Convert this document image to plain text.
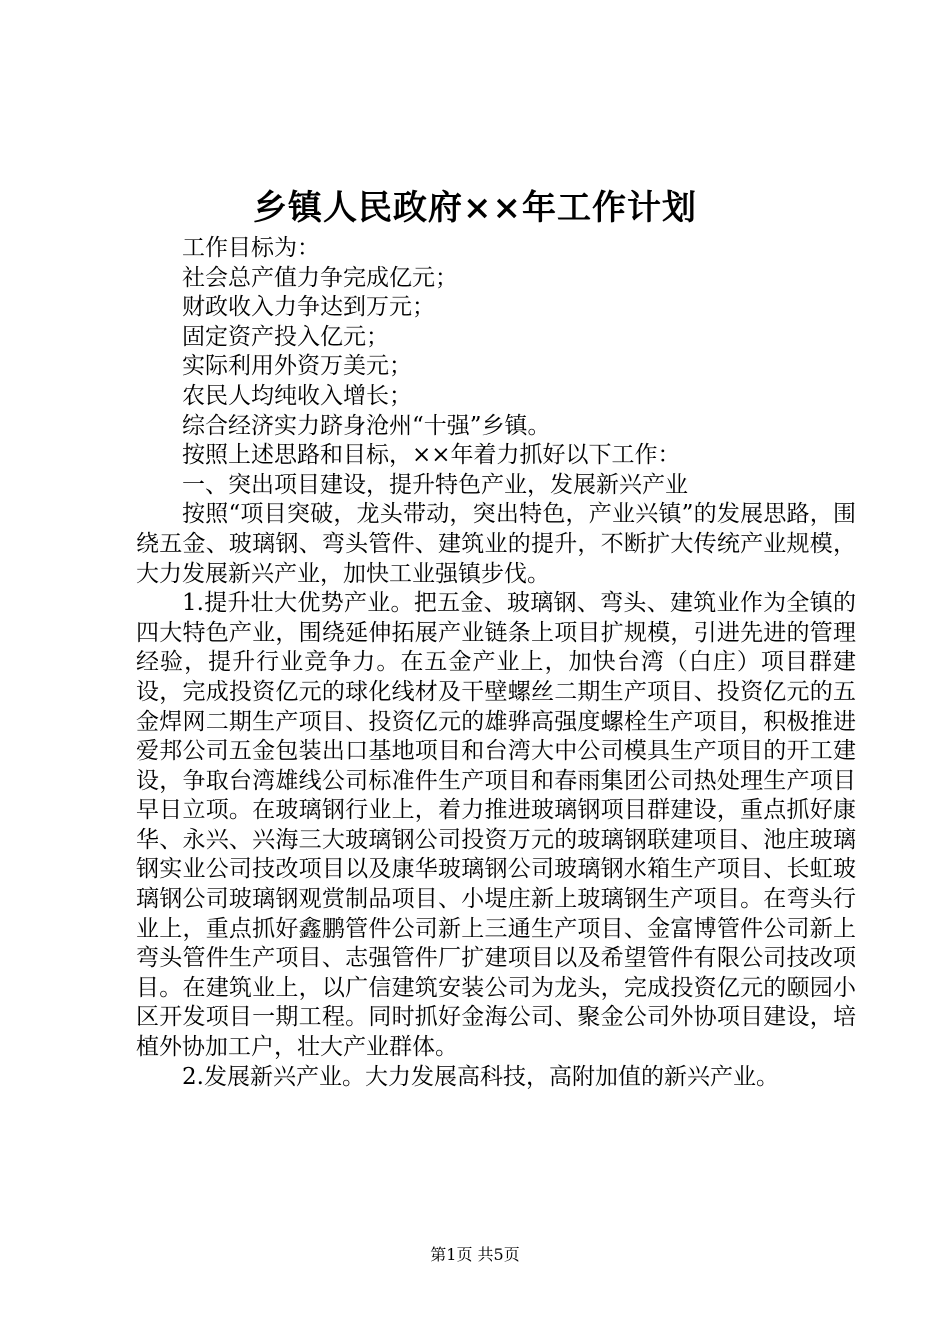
乡镇人民政府××年工作计划

工作目标为：

社会总产值力争完成亿元；

财政收入力争达到万元；

固定资产投入亿元；

实际利用外资万美元；

农民人均纯收入增长；

综合经济实力跻身沧州“十强”乡镇。

按照上述思路和目标，××年着力抓好以下工作：

一、突出项目建设，提升特色产业，发展新兴产业

按照“项目突破，龙头带动，突出特色，产业兴镇”的发展思路，围绕五金、玻璃钢、弯头管件、建筑业的提升，不断扩大传统产业规模，大力发展新兴产业，加快工业强镇步伐。

1.提升壮大优势产业。把五金、玻璃钢、弯头、建筑业作为全镇的四大特色产业，围绕延伸拓展产业链条上项目扩规模，引进先进的管理经验，提升行业竞争力。在五金产业上，加快台湾（白庄）项目群建设，完成投资亿元的球化线材及干壁螺丝二期生产项目、投资亿元的五金焊网二期生产项目、投资亿元的雄骅高强度螺栓生产项目，积极推进爱邦公司五金包装出口基地项目和台湾大中公司模具生产项目的开工建设，争取台湾雄线公司标准件生产项目和春雨集团公司热处理生产项目早日立项。在玻璃钢行业上，着力推进玻璃钢项目群建设，重点抓好康华、永兴、兴海三大玻璃钢公司投资万元的玻璃钢联建项目、池庄玻璃钢实业公司技改项目以及康华玻璃钢公司玻璃钢水箱生产项目、长虹玻璃钢公司玻璃钢观赏制品项目、小堤庄新上玻璃钢生产项目。在弯头行业上，重点抓好鑫鹏管件公司新上三通生产项目、金富博管件公司新上弯头管件生产项目、志强管件厂扩建项目以及希望管件有限公司技改项目。在建筑业上，以广信建筑安装公司为龙头，完成投资亿元的颐园小区开发项目一期工程。同时抓好金海公司、聚金公司外协项目建设，培植外协加工户，壮大产业群体。

2.发展新兴产业。大力发展高科技，高附加值的新兴产业。

第1页 共5页
